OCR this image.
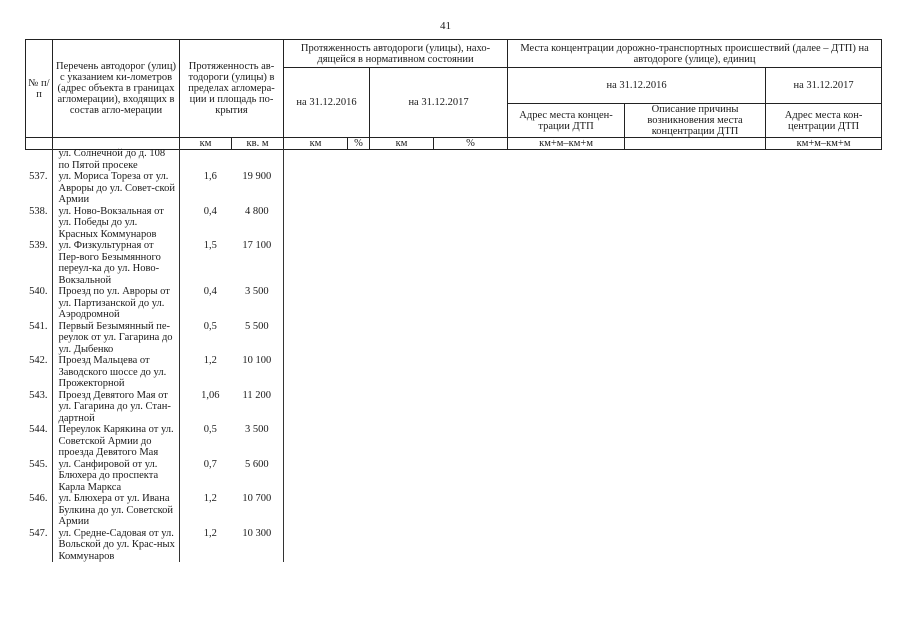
41
№ п/п	Перечень автодорог (улиц) с указанием ки-лометров (адрес объекта в границах агломерации), входящих в состав агло-мерации	Протяженность ав-тодороги (улицы) в пределах агломера-ции и площадь по-крытия		Протяженность автодороги (улицы), нахо-дящейся в нормативном состоянии				Места концентрации дорожно-транспортных происшествий (далее – ДТП) на автодороге (улице), единиц		
				на 31.12.2016		на 31.12.2017		на 31.12.2016		на 31.12.2017
								Адрес места концен-трации ДТП	Описание причины возникновения места концентрации ДТП	Адрес места кон-центрации ДТП
		км	кв. м	км	%	км	%	км+м–км+м		км+м–км+м
	ул. Солнечной до д. 108 по Пятой просеке			
537.	ул. Мориса Тореза от ул. Авроры до ул. Совет-ской Армии	1,6	19 900	
538.	ул. Ново-Вокзальная от ул. Победы до ул. Красных Коммунаров	0,4	4 800	
539.	ул. Физкультурная от Пер-вого Безымянного переул-ка до ул. Ново-Вокзальной	1,5	17 100	
540.	Проезд по ул. Авроры от ул. Партизанской до ул. Аэродромной	0,4	3 500	
541.	Первый Безымянный пе-реулок от ул. Гагарина до ул. Дыбенко	0,5	5 500	
542.	Проезд Мальцева от Заводского шоссе до ул. Прожекторной	1,2	10 100	
543.	Проезд Девятого Мая от ул. Гагарина до ул. Стан-дартной	1,06	11 200	
544.	Переулок Карякина от ул. Советской Армии до проезда Девятого Мая	0,5	3 500	
545.	ул. Санфировой от ул. Блюхера до проспекта Карла Маркса	0,7	5 600	
546.	ул. Блюхера от ул. Ивана Булкина до ул. Советской Армии	1,2	10 700	
547.	ул. Средне-Садовая от ул. Вольской до ул. Крас-ных Коммунаров	1,2	10 300	
